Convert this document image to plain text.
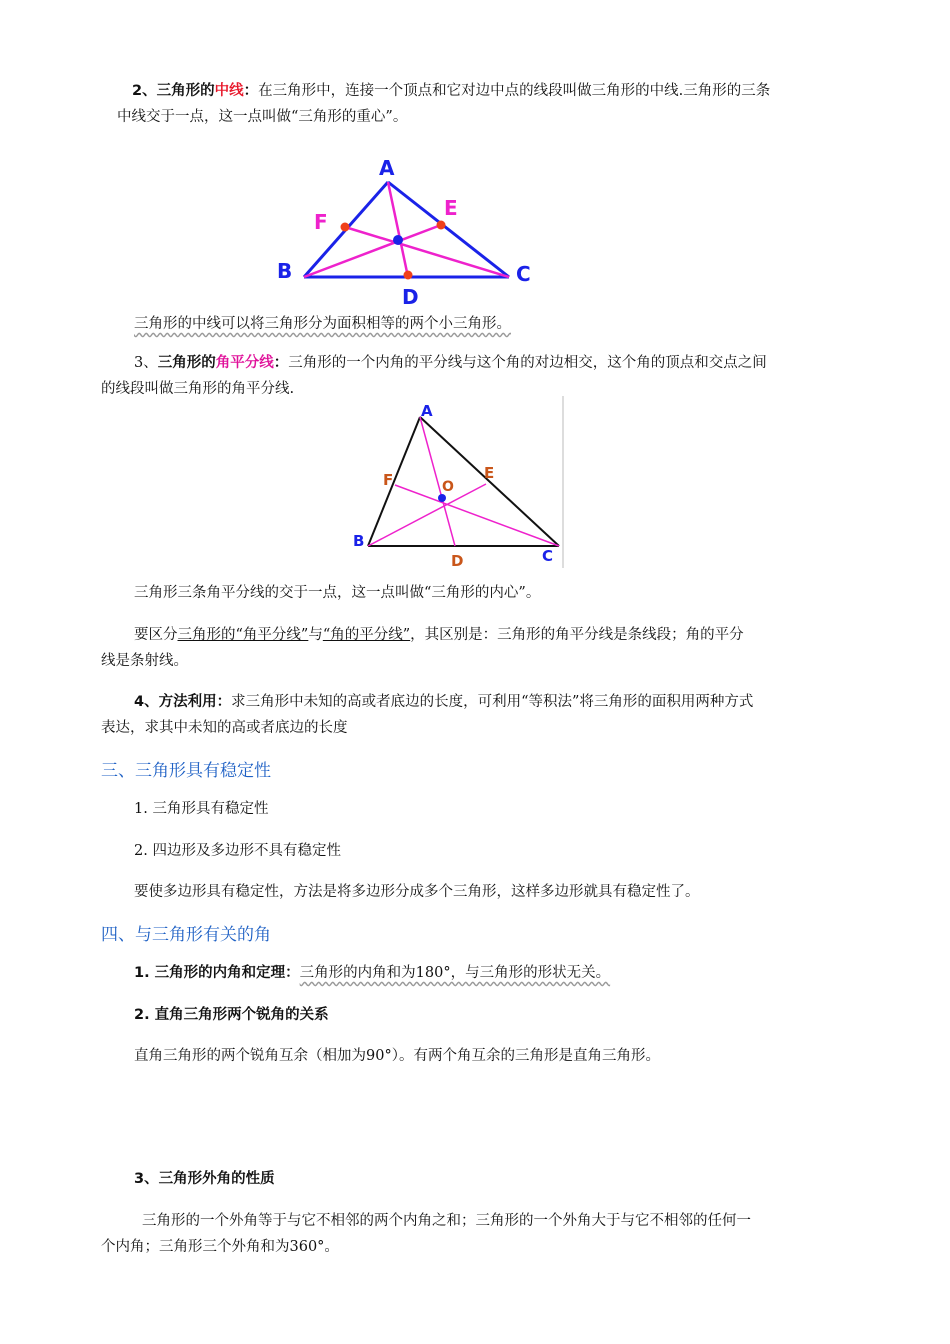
2、三角形的中线：在三角形中，连接一个顶点和它对边中点的线段叫做三角形的中线.三角形的三条
中线交于一点，这一点叫做“三角形的重心”。
A
B	C
D
E
F
三角形的中线可以将三角形分为面积相等的两个小三角形。
3、三角形的角平分线：三角形的一个内角的平分线与这个角的对边相交，这个角的顶点和交点之间
的线段叫做三角形的角平分线.
A
B
C
D
E
F	O
三角形三条角平分线的交于一点，这一点叫做“三角形的内心”。
要区分三角形的“角平分线”与“角的平分线”，其区别是：三角形的角平分线是条线段；角的平分
线是条射线。
4、方法利用：求三角形中未知的高或者底边的长度，可利用“等积法”将三角形的面积用两种方式
表达，求其中未知的高或者底边的长度
三、三角形具有稳定性
1. 三角形具有稳定性
2. 四边形及多边形不具有稳定性
要使多边形具有稳定性，方法是将多边形分成多个三角形，这样多边形就具有稳定性了。
四、与三角形有关的角
1. 三角形的内角和定理：三角形的内角和为180°，与三角形的形状无关。
2. 直角三角形两个锐角的关系
直角三角形的两个锐角互余（相加为90°）。有两个角互余的三角形是直角三角形。
3、三角形外角的性质
三角形的一个外角等于与它不相邻的两个内角之和；三角形的一个外角大于与它不相邻的任何一
个内角；三角形三个外角和为360°。
